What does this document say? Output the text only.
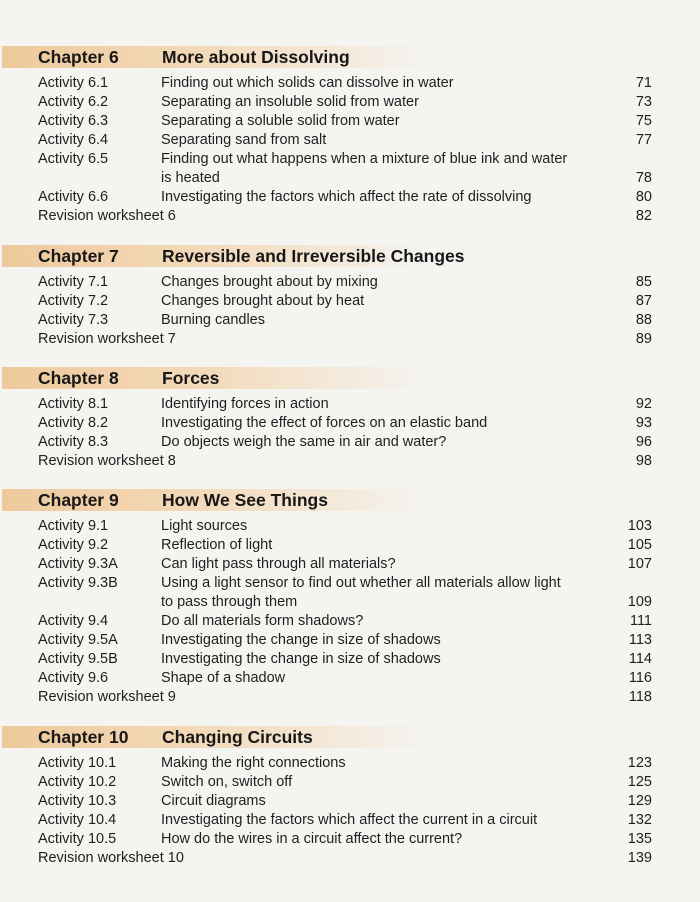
Chapter 6 More about Dissolving
Activity 6.1	Finding out which solids can dissolve in water	71
Activity 6.2	Separating an insoluble solid from water	73
Activity 6.3	Separating a soluble solid from water	75
Activity 6.4	Separating sand from salt	77
Activity 6.5	Finding out what happens when a mixture of blue ink and water is heated	78
Activity 6.6	Investigating the factors which affect the rate of dissolving	80
Revision worksheet 6	82
Chapter 7 Reversible and Irreversible Changes
Activity 7.1	Changes brought about by mixing	85
Activity 7.2	Changes brought about by heat	87
Activity 7.3	Burning candles	88
Revision worksheet 7	89
Chapter 8 Forces
Activity 8.1	Identifying forces in action	92
Activity 8.2	Investigating the effect of forces on an elastic band	93
Activity 8.3	Do objects weigh the same in air and water?	96
Revision worksheet 8	98
Chapter 9 How We See Things
Activity 9.1	Light sources	103
Activity 9.2	Reflection of light	105
Activity 9.3A	Can light pass through all materials?	107
Activity 9.3B	Using a light sensor to find out whether all materials allow light to pass through them	109
Activity 9.4	Do all materials form shadows?	111
Activity 9.5A	Investigating the change in size of shadows	113
Activity 9.5B	Investigating the change in size of shadows	114
Activity 9.6	Shape of a shadow	116
Revision worksheet 9	118
Chapter 10 Changing Circuits
Activity 10.1	Making the right connections	123
Activity 10.2	Switch on, switch off	125
Activity 10.3	Circuit diagrams	129
Activity 10.4	Investigating the factors which affect the current in a circuit	132
Activity 10.5	How do the wires in a circuit affect the current?	135
Revision worksheet 10	139
